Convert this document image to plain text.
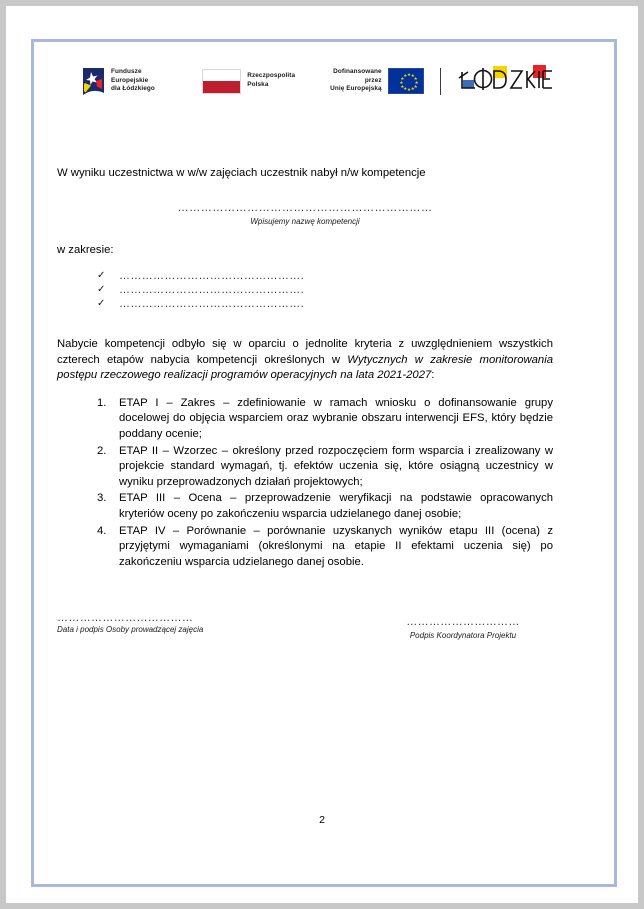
Fundusze Europejskie
dla Łódzkiego
Rzeczpospolita
Polska
Dofinansowane przez
Unię Europejską
★ ★
★
★
★
★
★
★
★
★
★
★

W wyniku uczestnictwa w w/w zajęciach uczestnik nabył n/w kompetencje

…………………………………………………………
Wpisujemy nazwę kompetencji

w zakresie:

✓	………………………………………….
✓	………………………………………….
✓	………………………………………….

Nabycie kompetencji odbyło się w oparciu o jednolite kryteria z uwzględnieniem wszystkich czterech etapów nabycia kompetencji określonych w Wytycznych w zakresie monitorowania postępu rzeczowego realizacji programów operacyjnych na lata 2021-2027:

ETAP I – Zakres – zdefiniowanie w ramach wniosku o dofinansowanie grupy docelowej do objęcia wsparciem oraz wybranie obszaru interwencji EFS, który będzie poddany ocenie;
ETAP II – Wzorzec – określony przed rozpoczęciem form wsparcia i zrealizowany w projekcie standard wymagań, tj. efektów uczenia się, które osiągną uczestnicy w wyniku przeprowadzonych działań projektowych;
ETAP III – Ocena – przeprowadzenie weryfikacji na podstawie opracowanych kryteriów oceny po zakończeniu wsparcia udzielanego danej osobie;
ETAP IV – Porównanie – porównanie uzyskanych wyników etapu III (ocena) z przyjętymi wymaganiami (określonymi na etapie II efektami uczenia się) po zakończeniu wsparcia udzielanego danej osobie.
………………………………
Data i podpis Osoby prowadzącej zajęcia
…………………………
Podpis Koordynatora Projektu
2
